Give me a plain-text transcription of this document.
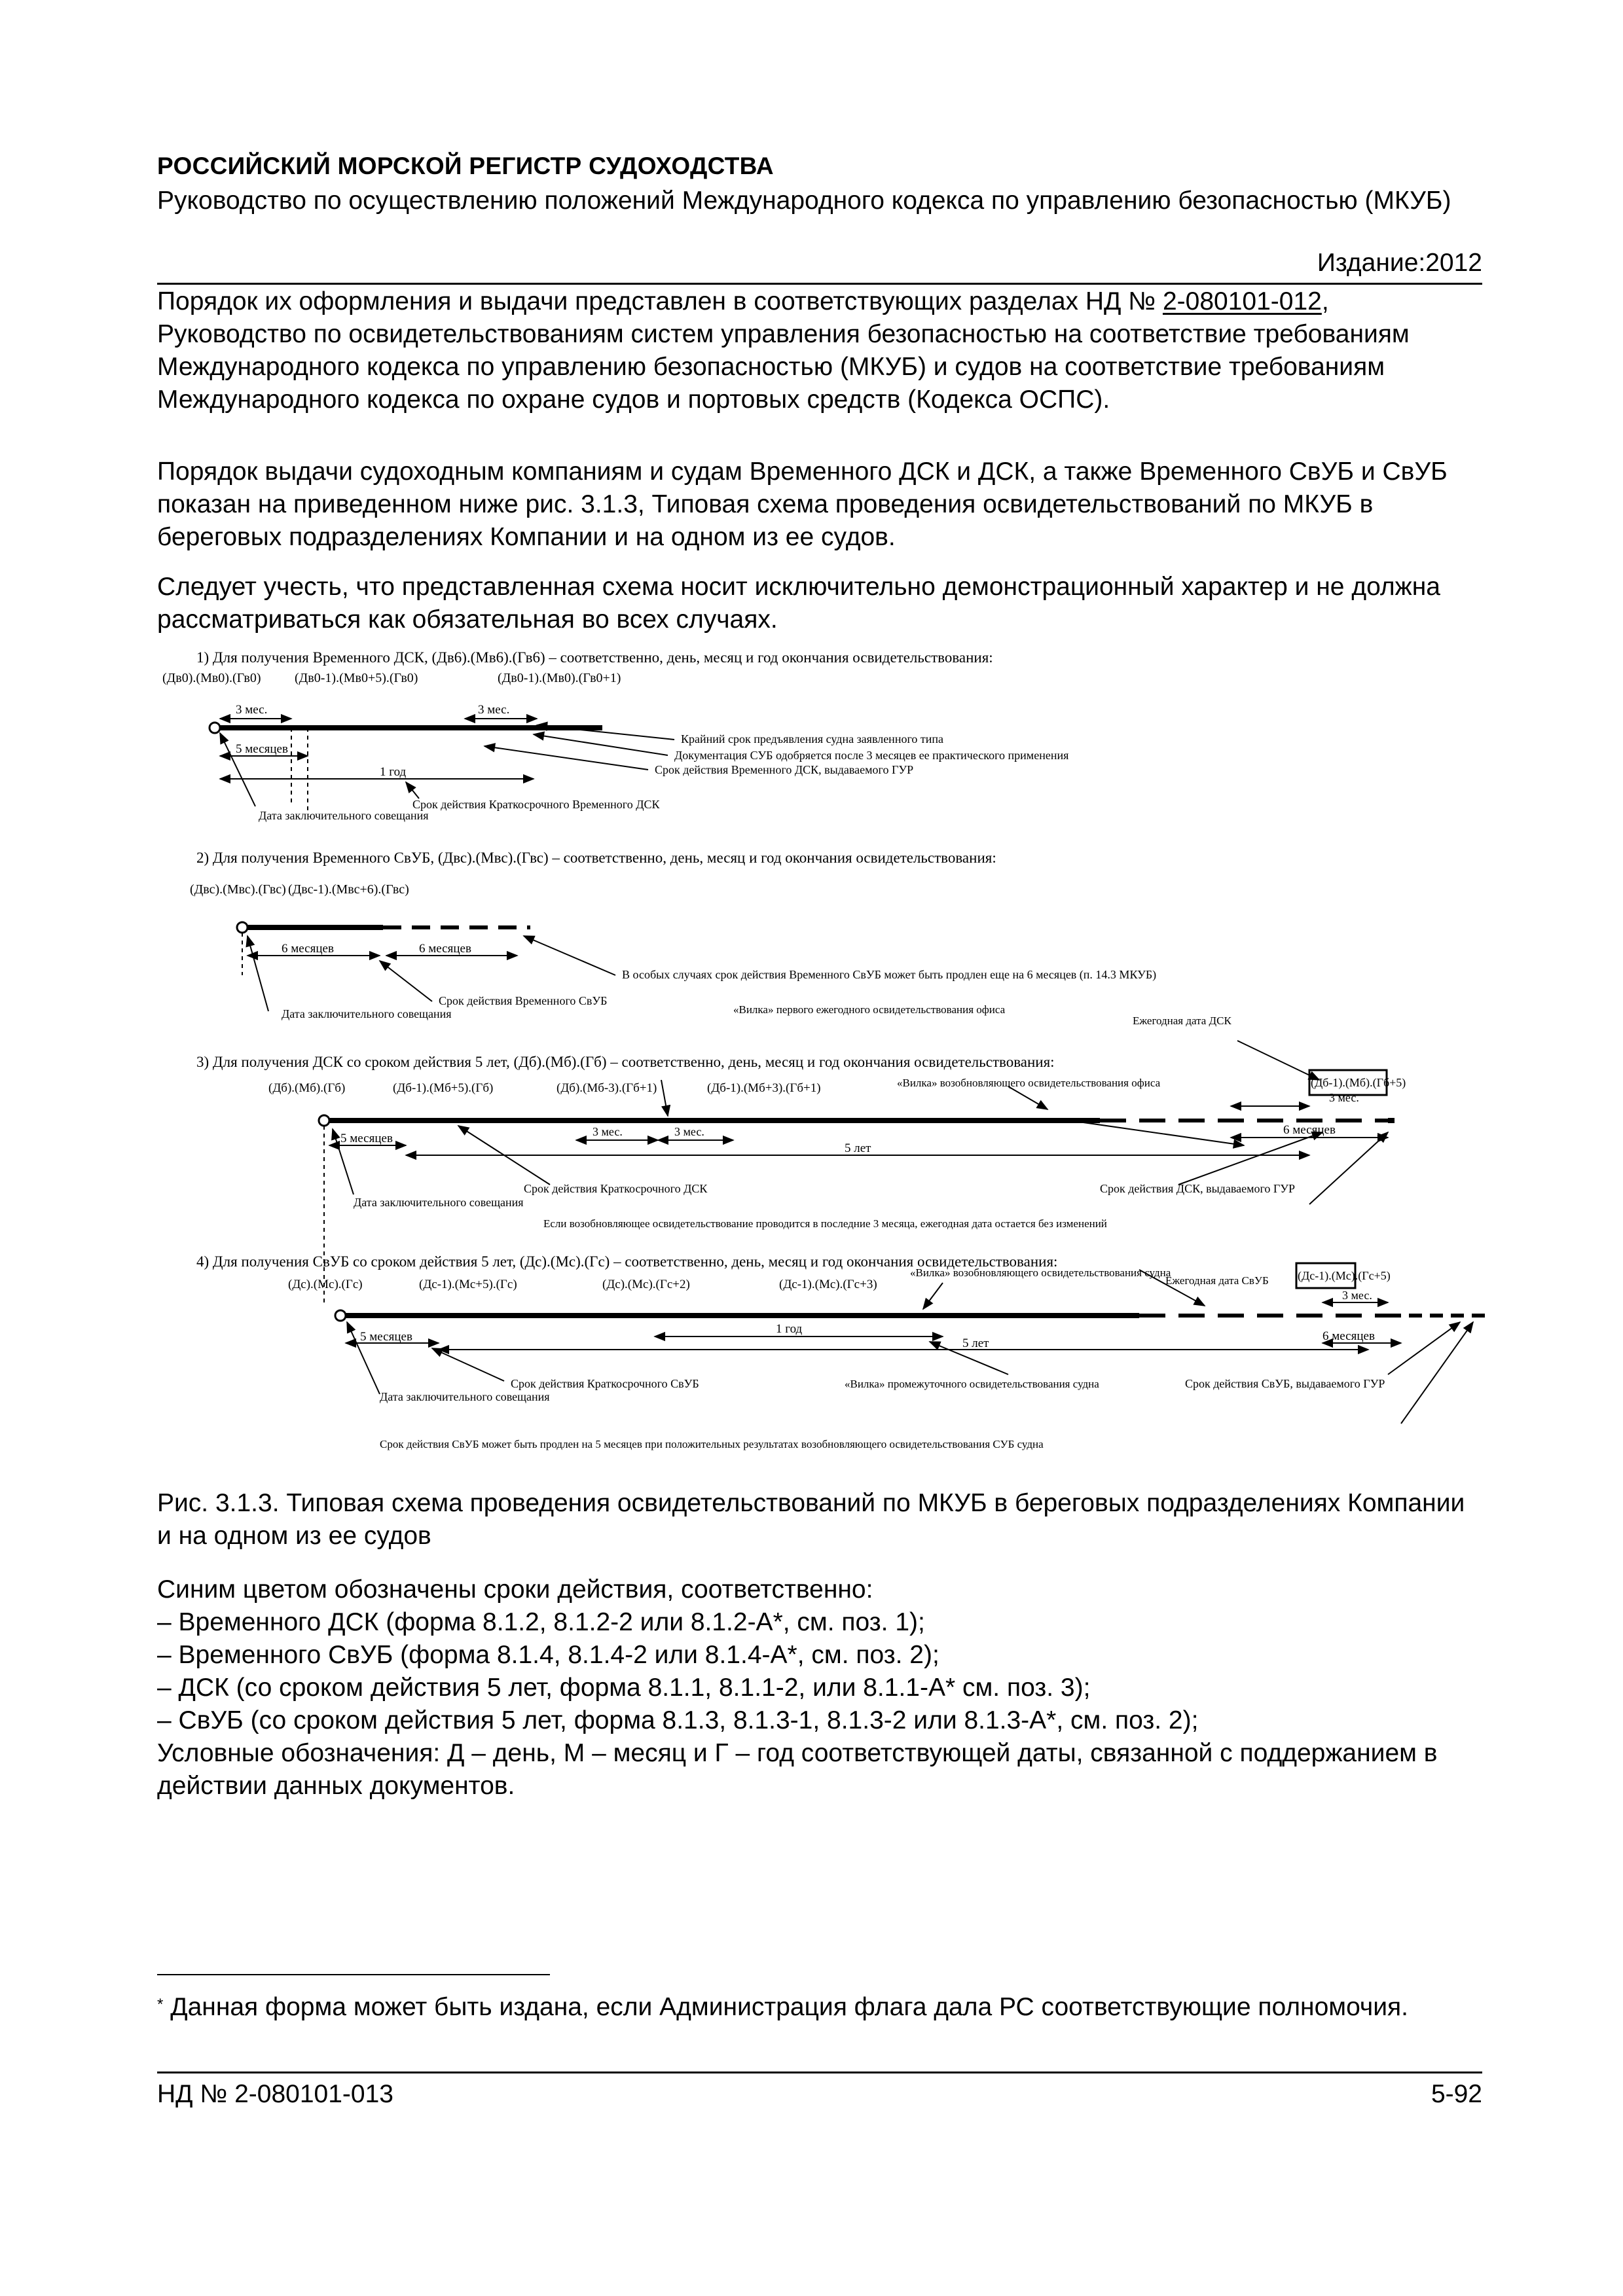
РОССИЙСКИЙ МОРСКОЙ РЕГИСТР СУДОХОДСТВА
Руководство по осуществлению положений Международного кодекса по управлению безопасностью (МКУБ)
Издание:2012

Порядок их оформления и выдачи представлен в соответствующих разделах НД № 2-080101-012, Руководство по освидетельствованиям систем управления безопасностью на соответствие требованиям Международного кодекса по управлению безопасностью (МКУБ) и судов на соответствие требованиям Международного кодекса по охране судов и портовых средств (Кодекса ОСПС).

Порядок выдачи судоходным компаниям и судам Временного ДСК и ДСК, а также Временного СвУБ и СвУБ показан на приведенном ниже рис. 3.1.3, Типовая схема проведения освидетельствований по МКУБ в береговых подразделениях Компании и на одном из ее судов.
Следует учесть, что представленная схема носит исключительно демонстрационный характер и не должна рассматриваться как обязательная во всех случаях.
1) Для получения Временного ДСК, (Дв6).(Мв6).(Гв6) – соответственно, день, месяц и год окончания освидетельствования:
(Дв0).(Мв0).(Гв0)	(Дв0-1).(Мв0+5).(Гв0)	(Дв0-1).(Мв0).(Гв0+1)
3 мес.	3 мес.
5 месяцев
1 год
Крайний срок предъявления судна заявленного типа
Документация СУБ одобряется после 3 месяцев ее практического применения
Срок действия Временного ДСК, выдаваемого ГУР
Срок действия Краткосрочного Временного ДСК
Дата заключительного совещания
2) Для получения Временного СвУБ, (Двс).(Мвс).(Гвс) – соответственно, день, месяц и год окончания освидетельствования:
(Двс).(Мвс).(Гвс) (Двс-1).(Мвс+6).(Гвс)
6 месяцев	6 месяцев
В особых случаях срок действия Временного СвУБ может быть продлен еще на 6 месяцев (п. 14.3 МКУБ)
Срок действия Временного СвУБ
Дата заключительного совещания	«Вилка» первого ежегодного освидетельствования офиса
Ежегодная дата ДСК
3) Для получения ДСК со сроком действия 5 лет, (Дб).(Мб).(Гб) – соответственно, день, месяц и год окончания освидетельствования:
(Дб).(Мб).(Гб)	(Дб-1).(Мб+5).(Гб)	(Дб).(Мб-3).(Гб+1)	(Дб-1).(Мб+3).(Гб+1)	(Дб-1).(Мб).(Гб+5)
«Вилка» возобновляющего освидетельствования офиса
3 мес.	3 мес.
3 мес.
5 месяцев
5 лет
6 месяцев
Срок действия Краткосрочного ДСК
Дата заключительного совещания
Срок действия ДСК, выдаваемого ГУР
Если возобновляющее освидетельствование проводится в последние 3 месяца, ежегодная дата остается без изменений
4) Для получения СвУБ со сроком действия 5 лет, (Дс).(Мс).(Гс) – соответственно, день, месяц и год окончания освидетельствования:
(Дс).(Мс).(Гс)	(Дс-1).(Мс+5).(Гс)	(Дс).(Мс).(Гс+2)	(Дс-1).(Мс).(Гс+3)
(Дс-1).(Мс).(Гс+5)
«Вилка» возобновляющего освидетельствования судна
Ежегодная дата СвУБ
3 мес.
5 месяцев
1 год
5 лет
6 месяцев
Срок действия Краткосрочного СвУБ
Дата заключительного совещания
«Вилка» промежуточного освидетельствования судна	Срок действия СвУБ, выдаваемого ГУР
Срок действия СвУБ может быть продлен на 5 месяцев при положительных результатах возобновляющего освидетельствования СУБ судна
Рис. 3.1.3. Типовая схема проведения освидетельствований по МКУБ в береговых подразделениях Компании и на одном из ее судов
Синим цветом обозначены сроки действия, соответственно:
– Временного ДСК (форма 8.1.2, 8.1.2-2 или 8.1.2-А*, см. поз. 1);
– Временного СвУБ (форма 8.1.4, 8.1.4-2 или 8.1.4-А*, см. поз. 2);
– ДСК (со сроком действия 5 лет, форма 8.1.1, 8.1.1-2, или 8.1.1-А* см. поз. 3);
– СвУБ (со сроком действия 5 лет, форма 8.1.3, 8.1.3-1, 8.1.3-2 или 8.1.3-А*, см. поз. 2);
Условные обозначения: Д – день, М – месяц и Г – год соответствующей даты, связанной с поддержанием в действии данных документов.
* Данная форма может быть издана, если Администрация флага дала РС соответствующие полномочия.
НД № 2-080101-013	5-92
